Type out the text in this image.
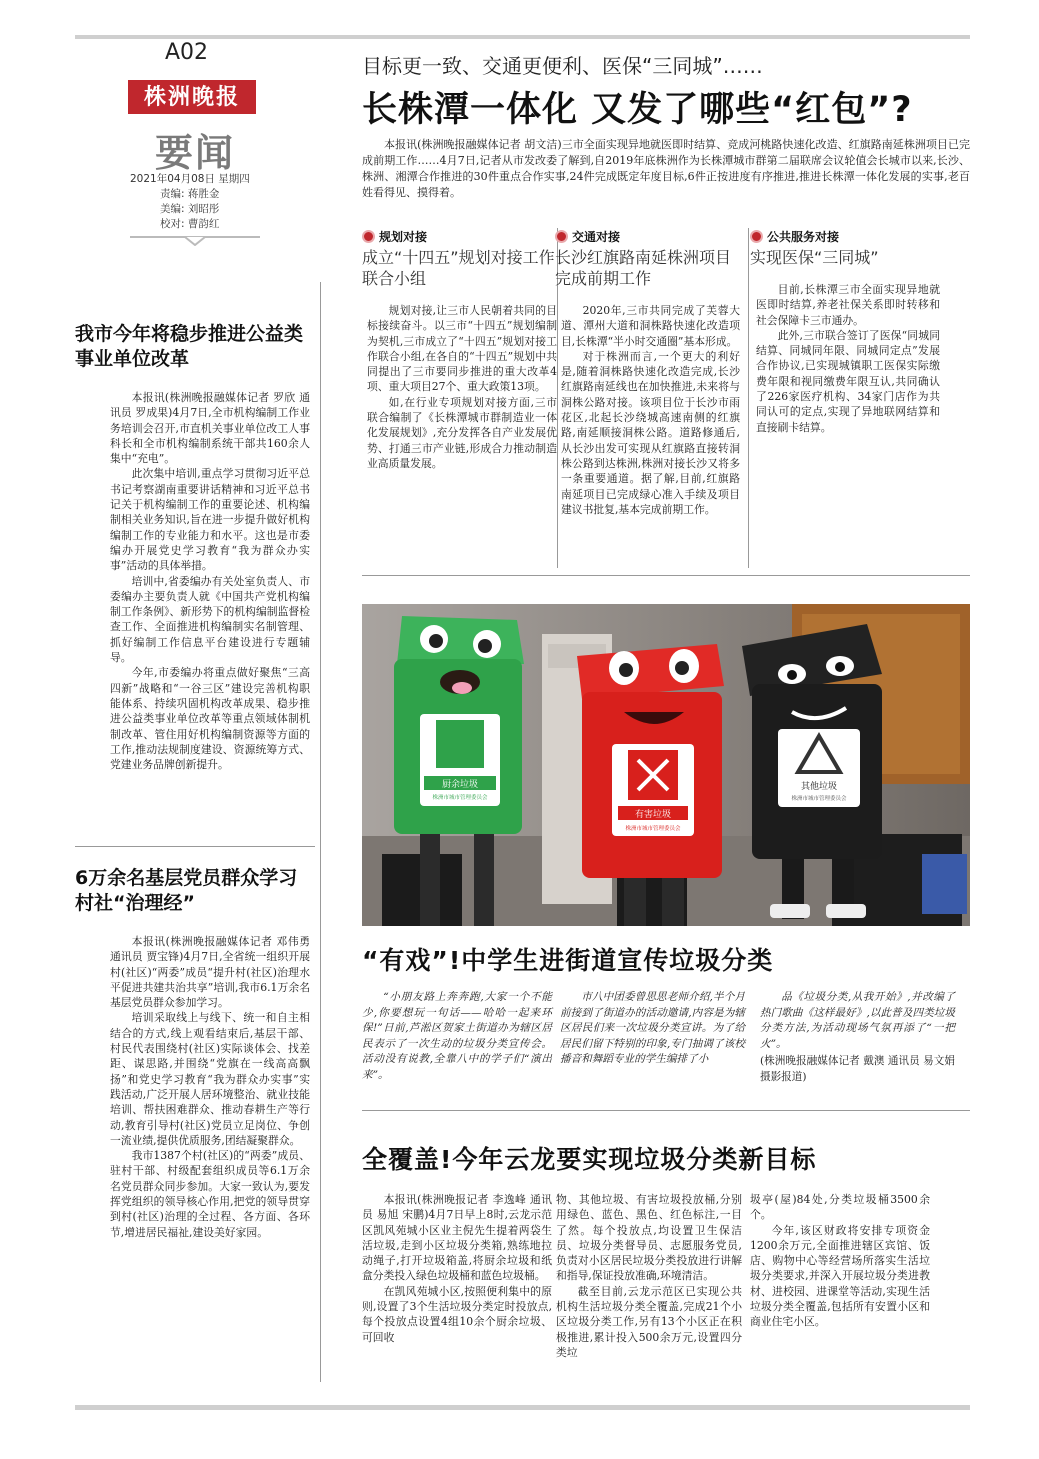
A02
株洲晚报
要闻
2021年04月08日 星期四
责编: 蒋胜金
美编: 刘昭彤
校对: 曹韵红
目标更一致、交通更便利、医保“三同城”……
长株潭一体化 又发了哪些“红包”?
本报讯(株洲晚报融媒体记者 胡文洁)三市全面实现异地就医即时结算、竞成河桃路快速化改造、红旗路南延株洲项目已完成前期工作……4月7日,记者从市发改委了解到,自2019年底株洲作为长株潭城市群第二届联席会议轮值会长城市以来,长沙、株洲、湘潭合作推进的30件重点合作实事,24件完成既定年度目标,6件正按进度有序推进,推进长株潭一体化发展的实事,老百姓看得见、摸得着。
规划对接
成立“十四五”规划对接工作联合小组

规划对接,让三市人民朝着共同的目标接续奋斗。以三市“十四五”规划编制为契机,三市成立了“十四五”规划对接工作联合小组,在各自的“十四五”规划中共同提出了三市要同步推进的重大改革4项、重大项目27个、重大政策13项。

如,在行业专项规划对接方面,三市联合编制了《长株潭城市群制造业一体化发展规划》,充分发挥各自产业发展优势、打通三市产业链,形成合力推动制造业高质量发展。

交通对接
长沙红旗路南延株洲项目完成前期工作

2020年,三市共同完成了芙蓉大道、潭州大道和洞株路快速化改造项目,长株潭“半小时交通圈”基本形成。

对于株洲而言,一个更大的利好是,随着洞株路快速化改造完成,长沙红旗路南延线也在加快推进,未来将与洞株公路对接。该项目位于长沙市雨花区,北起长沙绕城高速南侧的红旗路,南延顺接洞株公路。道路修通后,从长沙出发可实现从红旗路直接转洞株公路到达株洲,株洲对接长沙又将多一条重要通道。据了解,目前,红旗路南延项目已完成绿心准入手续及项目建议书批复,基本完成前期工作。

公共服务对接
实现医保“三同城”

目前,长株潭三市全面实现异地就医即时结算,养老社保关系即时转移和社会保障卡三市通办。

此外,三市联合签订了医保“同城同结算、同城同年限、同城同定点”发展合作协议,已实现城镇职工医保实际缴费年限和视同缴费年限互认,共同确认了226家医疗机构、34家门店作为共同认可的定点,实现了异地联网结算和直接刷卡结算。

我市今年将稳步推进公益类事业单位改革

本报讯(株洲晚报融媒体记者 罗欣 通讯员 罗成果)4月7日,全市机构编制工作业务培训会召开,市直机关事业单位改工人事科长和全市机构编制系统干部共160余人集中“充电”。

此次集中培训,重点学习贯彻习近平总书记考察湖南重要讲话精神和习近平总书记关于机构编制工作的重要论述、机构编制相关业务知识,旨在进一步提升做好机构编制工作的专业能力和水平。这也是市委编办开展党史学习教育“我为群众办实事”活动的具体举措。

培训中,省委编办有关处室负责人、市委编办主要负责人就《中国共产党机构编制工作条例》、新形势下的机构编制监督检查工作、全面推进机构编制实名制管理、抓好编制工作信息平台建设进行专题辅导。

今年,市委编办将重点做好聚焦“三高四新”战略和“一谷三区”建设完善机构职能体系、持续巩固机构改革成果、稳步推进公益类事业单位改革等重点领域体制机制改革、管住用好机构编制资源等方面的工作,推动法规制度建设、资源统筹方式、党建业务品牌创新提升。

6万余名基层党员群众学习村社“治理经”

本报讯(株洲晚报融媒体记者 邓伟勇 通讯员 贾宝锋)4月7日,全省统一组织开展村(社区)“两委”成员“提升村(社区)治理水平促进共建共治共享”培训,我市6.1万余名基层党员群众参加学习。

培训采取线上与线下、统一和自主相结合的方式,线上观看结束后,基层干部、村民代表围绕村(社区)实际谈体会、找差距、谋思路,并围绕“党旗在一线高高飘扬”和党史学习教育“我为群众办实事”实践活动,广泛开展人居环境整治、就业技能培训、帮扶困难群众、推动春耕生产等行动,教育引导村(社区)党员立足岗位、争创一流业绩,提供优质服务,团结凝聚群众。

我市1387个村(社区)的“两委”成员、驻村干部、村级配套组织成员等6.1万余名党员群众同步参加。大家一致认为,要发挥党组织的领导核心作用,把党的领导贯穿到村(社区)治理的全过程、各方面、各环节,增进居民福祉,建设美好家园。

厨余垃圾
株洲市城市管理委员会
有害垃圾
株洲市城市管理委员会
其他垃圾
株洲市城市管理委员会
“有戏”!中学生进街道宣传垃圾分类

“小朋友路上奔奔跑,大家一个不能少,你要想玩一句话——哈哈一起来环保!”日前,芦淞区贺家土街道办为辖区居民表示了一次生动的垃圾分类宣传会。活动没有说教,全靠八中的学子们“演出来”。

市八中团委曾思思老师介绍,半个月前接到了街道办的活动邀请,内容是为辖区居民们来一次垃圾分类宣讲。为了给居民们留下特别的印象,专门抽调了该校播音和舞蹈专业的学生编排了小

品《垃圾分类,从我开始》,并改编了热门歌曲《这样最好》,以此普及四类垃圾分类方法,为活动现场气氛再添了“一把火”。

(株洲晚报融媒体记者 戴澳 通讯员 易文娟 摄影报道)
全覆盖!今年云龙要实现垃圾分类新目标

本报讯(株洲晚报记者 李逸峰 通讯员 易旭 宋鹏)4月7日早上8时,云龙示范区凯风苑城小区业主倪先生提着两袋生活垃圾,走到小区垃圾分类箱,熟练地拉动绳子,打开垃圾箱盖,将厨余垃圾和纸盒分类投入绿色垃圾桶和蓝色垃圾桶。

在凯风苑城小区,按照便利集中的原则,设置了3个生活垃圾分类定时投放点,每个投放点设置4组10余个厨余垃圾、可回收

物、其他垃圾、有害垃圾投放桶,分别用绿色、蓝色、黑色、红色标注,一目了然。每个投放点,均设置卫生保洁员、垃圾分类督导员、志愿服务党员,负责对小区居民垃圾分类投放进行讲解和指导,保证投放准确,环境清洁。

截至目前,云龙示范区已实现公共机构生活垃圾分类全覆盖,完成21个小区垃圾分类工作,另有13个小区正在积极推进,累计投入500余万元,设置四分类垃

圾亭(屋)84处,分类垃圾桶3500余个。

今年,该区财政将安排专项资金1200余万元,全面推进辖区宾馆、饭店、购物中心等经营场所落实生活垃圾分类要求,并深入开展垃圾分类进教材、进校园、进课堂等活动,实现生活垃圾分类全覆盖,包括所有安置小区和商业住宅小区。
